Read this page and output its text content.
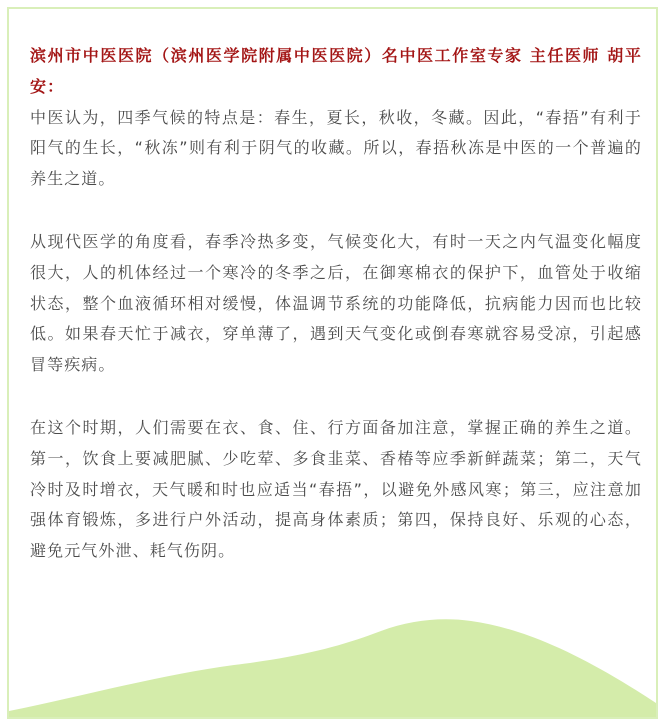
滨州市中医医院（滨州医学院附属中医医院）名中医工作室专家 主任医师 胡平安：

中医认为，四季气候的特点是：春生，夏长，秋收，冬藏。因此，“春捂”有利于阳气的生长，“秋冻”则有利于阴气的收藏。所以，春捂秋冻是中医的一个普遍的养生之道。

从现代医学的角度看，春季冷热多变，气候变化大，有时一天之内气温变化幅度很大，人的机体经过一个寒冷的冬季之后，在御寒棉衣的保护下，血管处于收缩状态，整个血液循环相对缓慢，体温调节系统的功能降低，抗病能力因而也比较低。如果春天忙于减衣，穿单薄了，遇到天气变化或倒春寒就容易受凉，引起感冒等疾病。

在这个时期，人们需要在衣、食、住、行方面备加注意，掌握正确的养生之道。第一，饮食上要减肥腻、少吃荤、多食韭菜、香椿等应季新鲜蔬菜；第二，天气冷时及时增衣，天气暖和时也应适当“春捂”，以避免外感风寒；第三，应注意加强体育锻炼，多进行户外活动，提高身体素质；第四，保持良好、乐观的心态，避免元气外泄、耗气伤阴。
